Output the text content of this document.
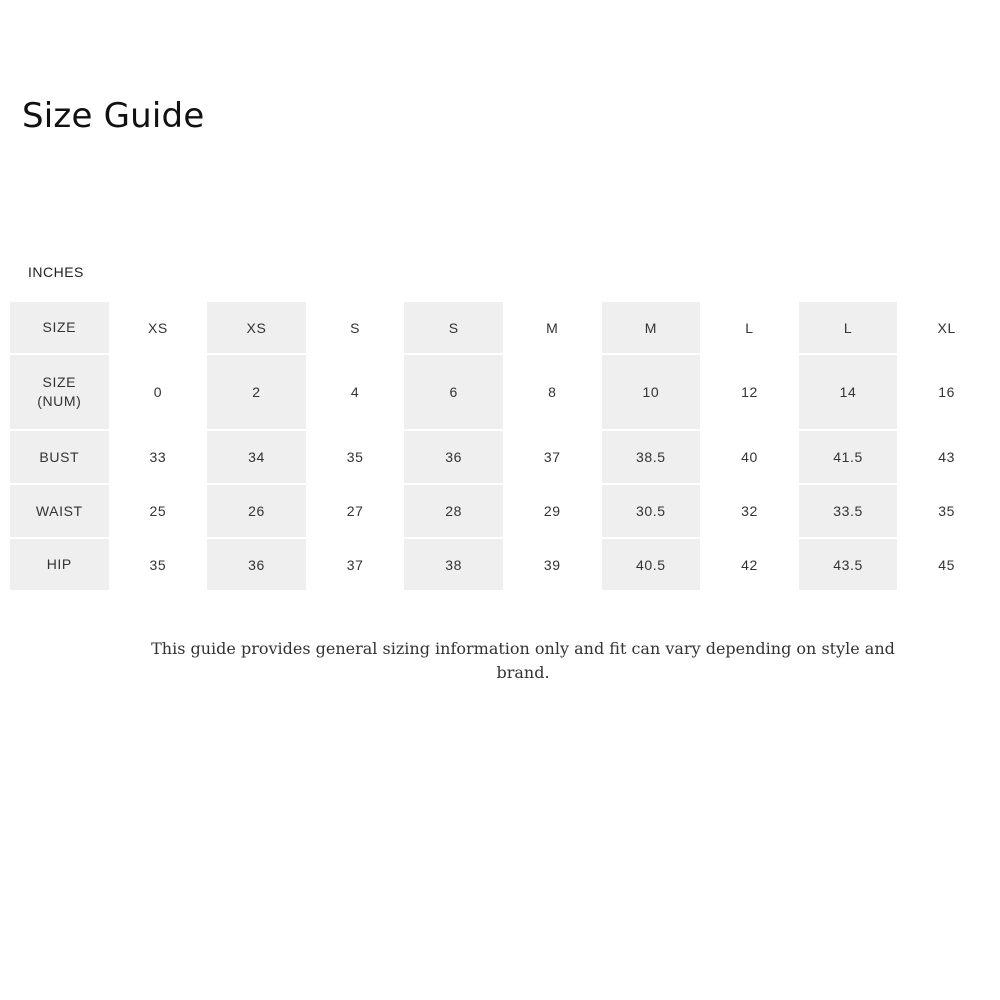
Size Guide
INCHES
SIZE	XS	XS	S	S	M	M	L	L	XL
SIZE
(NUM)	0	2	4	6	8	10	12	14	16
BUST	33	34	35	36	37	38.5	40	41.5	43
WAIST	25	26	27	28	29	30.5	32	33.5	35
HIP	35	36	37	38	39	40.5	42	43.5	45

This guide provides general sizing information only and fit can vary depending on style and brand.
